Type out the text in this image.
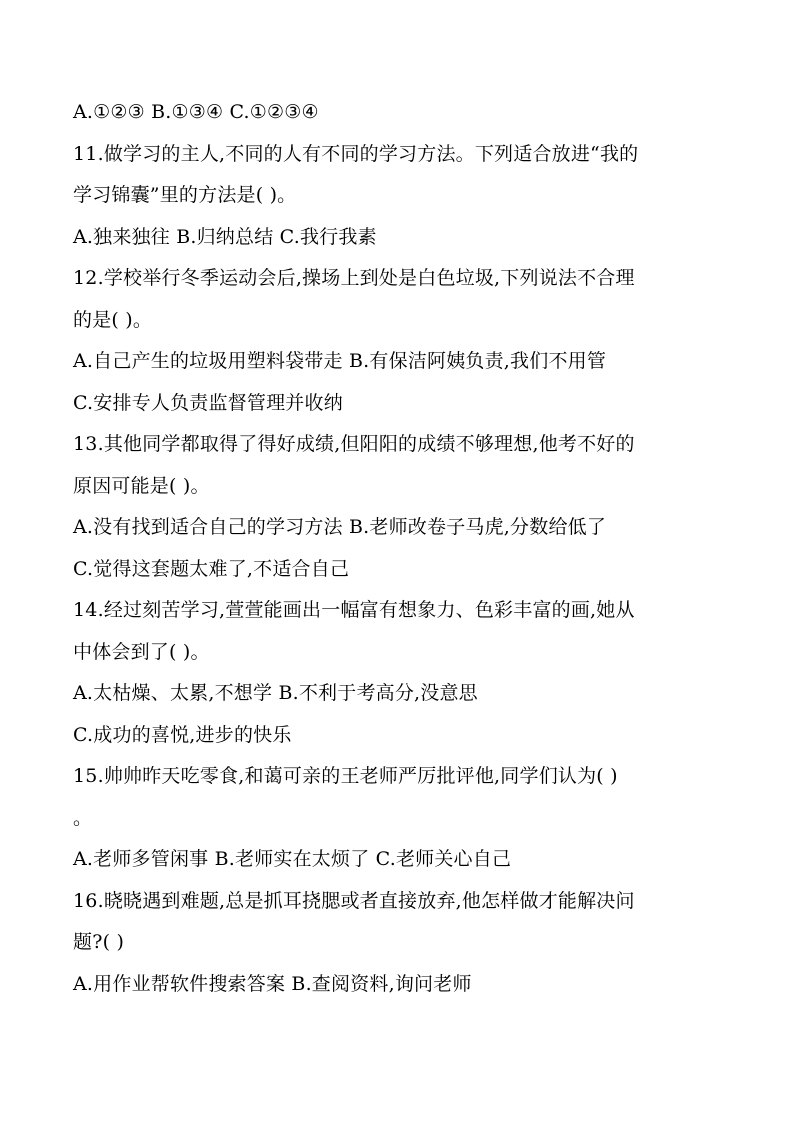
A.①②③ B.①③④ C.①②③④
11.做学习的主人,不同的人有不同的学习方法。下列适合放进“我的
学习锦囊”里的方法是( )。
A.独来独往 B.归纳总结 C.我行我素
12.学校举行冬季运动会后,操场上到处是白色垃圾,下列说法不合理
的是( )。
A.自己产生的垃圾用塑料袋带走 B.有保洁阿姨负责,我们不用管
C.安排专人负责监督管理并收纳
13.其他同学都取得了得好成绩,但阳阳的成绩不够理想,他考不好的
原因可能是( )。
A.没有找到适合自己的学习方法 B.老师改卷子马虎,分数给低了
C.觉得这套题太难了,不适合自己
14.经过刻苦学习,萱萱能画出一幅富有想象力、色彩丰富的画,她从
中体会到了( )。
A.太枯燥、太累,不想学 B.不利于考高分,没意思
C.成功的喜悦,进步的快乐
15.帅帅昨天吃零食,和蔼可亲的王老师严厉批评他,同学们认为( )
。
A.老师多管闲事 B.老师实在太烦了 C.老师关心自己
16.晓晓遇到难题,总是抓耳挠腮或者直接放弃,他怎样做才能解决问
题?( )
A.用作业帮软件搜索答案 B.查阅资料,询问老师
